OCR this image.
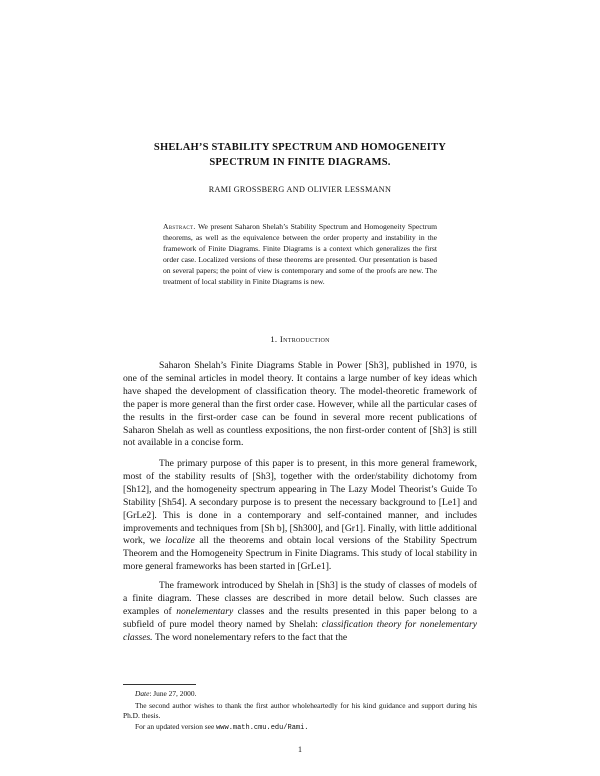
SHELAH’S STABILITY SPECTRUM AND HOMOGENEITY
SPECTRUM IN FINITE DIAGRAMS.
RAMI GROSSBERG AND OLIVIER LESSMANN
Abstract. We present Saharon Shelah’s Stability Spectrum and Homogeneity Spectrum theorems, as well as the equivalence between the order property and instability in the framework of Finite Diagrams. Finite Diagrams is a context which generalizes the first order case. Localized versions of these theorems are presented. Our presentation is based on several papers; the point of view is contemporary and some of the proofs are new. The treatment of local stability in Finite Diagrams is new.
1. Introduction
Saharon Shelah’s Finite Diagrams Stable in Power [Sh3], published in 1970, is one of the seminal articles in model theory. It contains a large number of key ideas which have shaped the development of classification theory. The model-theoretic framework of the paper is more general than the first order case. However, while all the particular cases of the results in the first-order case can be found in several more recent publications of Saharon Shelah as well as countless expositions, the non first-order content of [Sh3] is still not available in a concise form.
The primary purpose of this paper is to present, in this more general framework, most of the stability results of [Sh3], together with the order/stability dichotomy from [Sh12], and the homogeneity spectrum appearing in The Lazy Model Theorist’s Guide To Stability [Sh54]. A secondary purpose is to present the necessary background to [Le1] and [GrLe2]. This is done in a contemporary and self-contained manner, and includes improvements and techniques from [Sh b], [Sh300], and [Gr1]. Finally, with little additional work, we localize all the theorems and obtain local versions of the Stability Spectrum Theorem and the Homogeneity Spectrum in Finite Diagrams. This study of local stability in more general frameworks has been started in [GrLe1].
The framework introduced by Shelah in [Sh3] is the study of classes of models of a finite diagram. These classes are described in more detail below. Such classes are examples of nonelementary classes and the results presented in this paper belong to a subfield of pure model theory named by Shelah: classification theory for nonelementary classes. The word nonelementary refers to the fact that the
Date: June 27, 2000.
The second author wishes to thank the first author wholeheartedly for his kind guidance and support during his Ph.D. thesis.
For an updated version see www.math.cmu.edu/Rami.
1
